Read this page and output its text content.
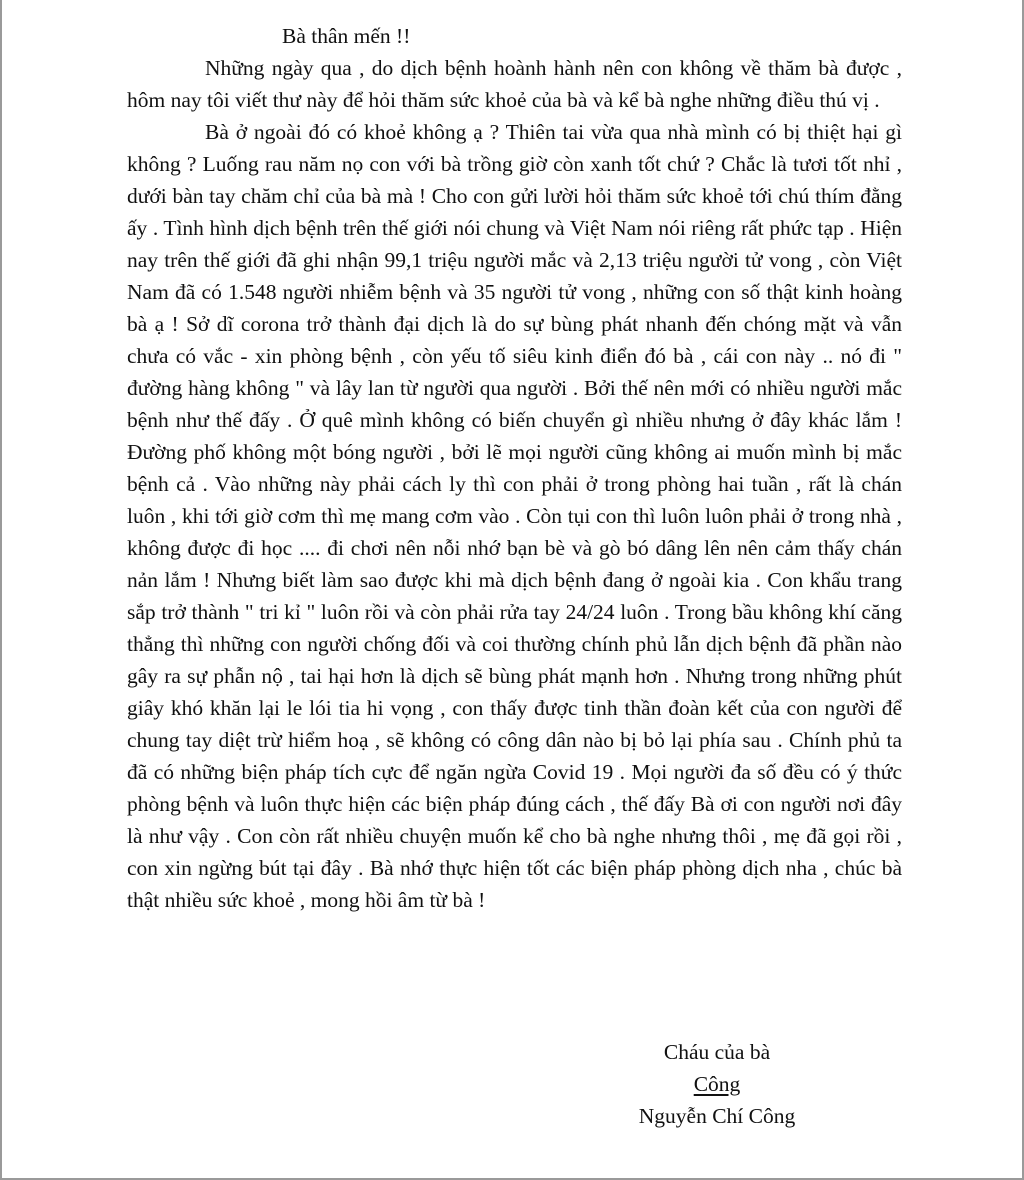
Bà thân mến !!

Những ngày qua , do dịch bệnh hoành hành nên con không về thăm bà được , hôm nay tôi viết thư này để hỏi thăm sức khoẻ của bà và kể bà nghe những điều thú vị .

Bà ở ngoài đó có khoẻ không ạ ? Thiên tai vừa qua nhà mình có bị thiệt hại gì không ? Luống rau năm nọ con với bà trồng giờ còn xanh tốt chứ ? Chắc là tươi tốt nhỉ , dưới bàn tay chăm chỉ của bà mà ! Cho con gửi lười hỏi thăm sức khoẻ tới chú thím đằng ấy . Tình hình dịch bệnh trên thế giới nói chung và Việt Nam nói riêng rất phức tạp . Hiện nay trên thế giới đã ghi nhận 99,1 triệu người mắc và 2,13 triệu người tử vong , còn Việt Nam đã có 1.548 người nhiễm bệnh và 35 người tử vong , những con số thật kinh hoàng bà ạ ! Sở dĩ corona trở thành đại dịch là do sự bùng phát nhanh đến chóng mặt và vẫn chưa có vắc - xin phòng bệnh , còn yếu tố siêu kinh điển đó bà , cái con này .. nó đi " đường hàng không " và lây lan từ người qua người . Bởi thế nên mới có nhiều người mắc bệnh như thế đấy . Ở quê mình không có biến chuyển gì nhiều nhưng ở đây khác lắm ! Đường phố không một bóng người , bởi lẽ mọi người cũng không ai muốn mình bị mắc bệnh cả . Vào những này phải cách ly thì con phải ở trong phòng hai tuần , rất là chán luôn , khi tới giờ cơm thì mẹ mang cơm vào . Còn tụi con thì luôn luôn phải ở trong nhà , không được đi học .... đi chơi nên nỗi nhớ bạn bè và gò bó dâng lên nên cảm thấy chán nản lắm ! Nhưng biết làm sao được khi mà dịch bệnh đang ở ngoài kia . Con khẩu trang sắp trở thành " tri kỉ " luôn rồi và còn phải rửa tay 24/24 luôn . Trong bầu không khí căng thẳng thì những con người chống đối và coi thường chính phủ lẫn dịch bệnh đã phần nào gây ra sự phẫn nộ , tai hại hơn là dịch sẽ bùng phát mạnh hơn . Nhưng trong những phút giây khó khăn lại le lói tia hi vọng , con thấy được tinh thần đoàn kết của con người để chung tay diệt trừ hiểm hoạ , sẽ không có công dân nào bị bỏ lại phía sau . Chính phủ ta đã có những biện pháp tích cực để ngăn ngừa Covid 19 . Mọi người đa số đều có ý thức phòng bệnh và luôn thực hiện các biện pháp đúng cách , thế đấy Bà ơi con người nơi đây là như vậy . Con còn rất nhiều chuyện muốn kể cho bà nghe nhưng thôi , mẹ đã gọi rồi , con xin ngừng bút tại đây . Bà nhớ thực hiện tốt các biện pháp phòng dịch nha , chúc bà thật nhiều sức khoẻ , mong hồi âm từ bà !

Cháu của bà
Công
Nguyễn Chí Công
